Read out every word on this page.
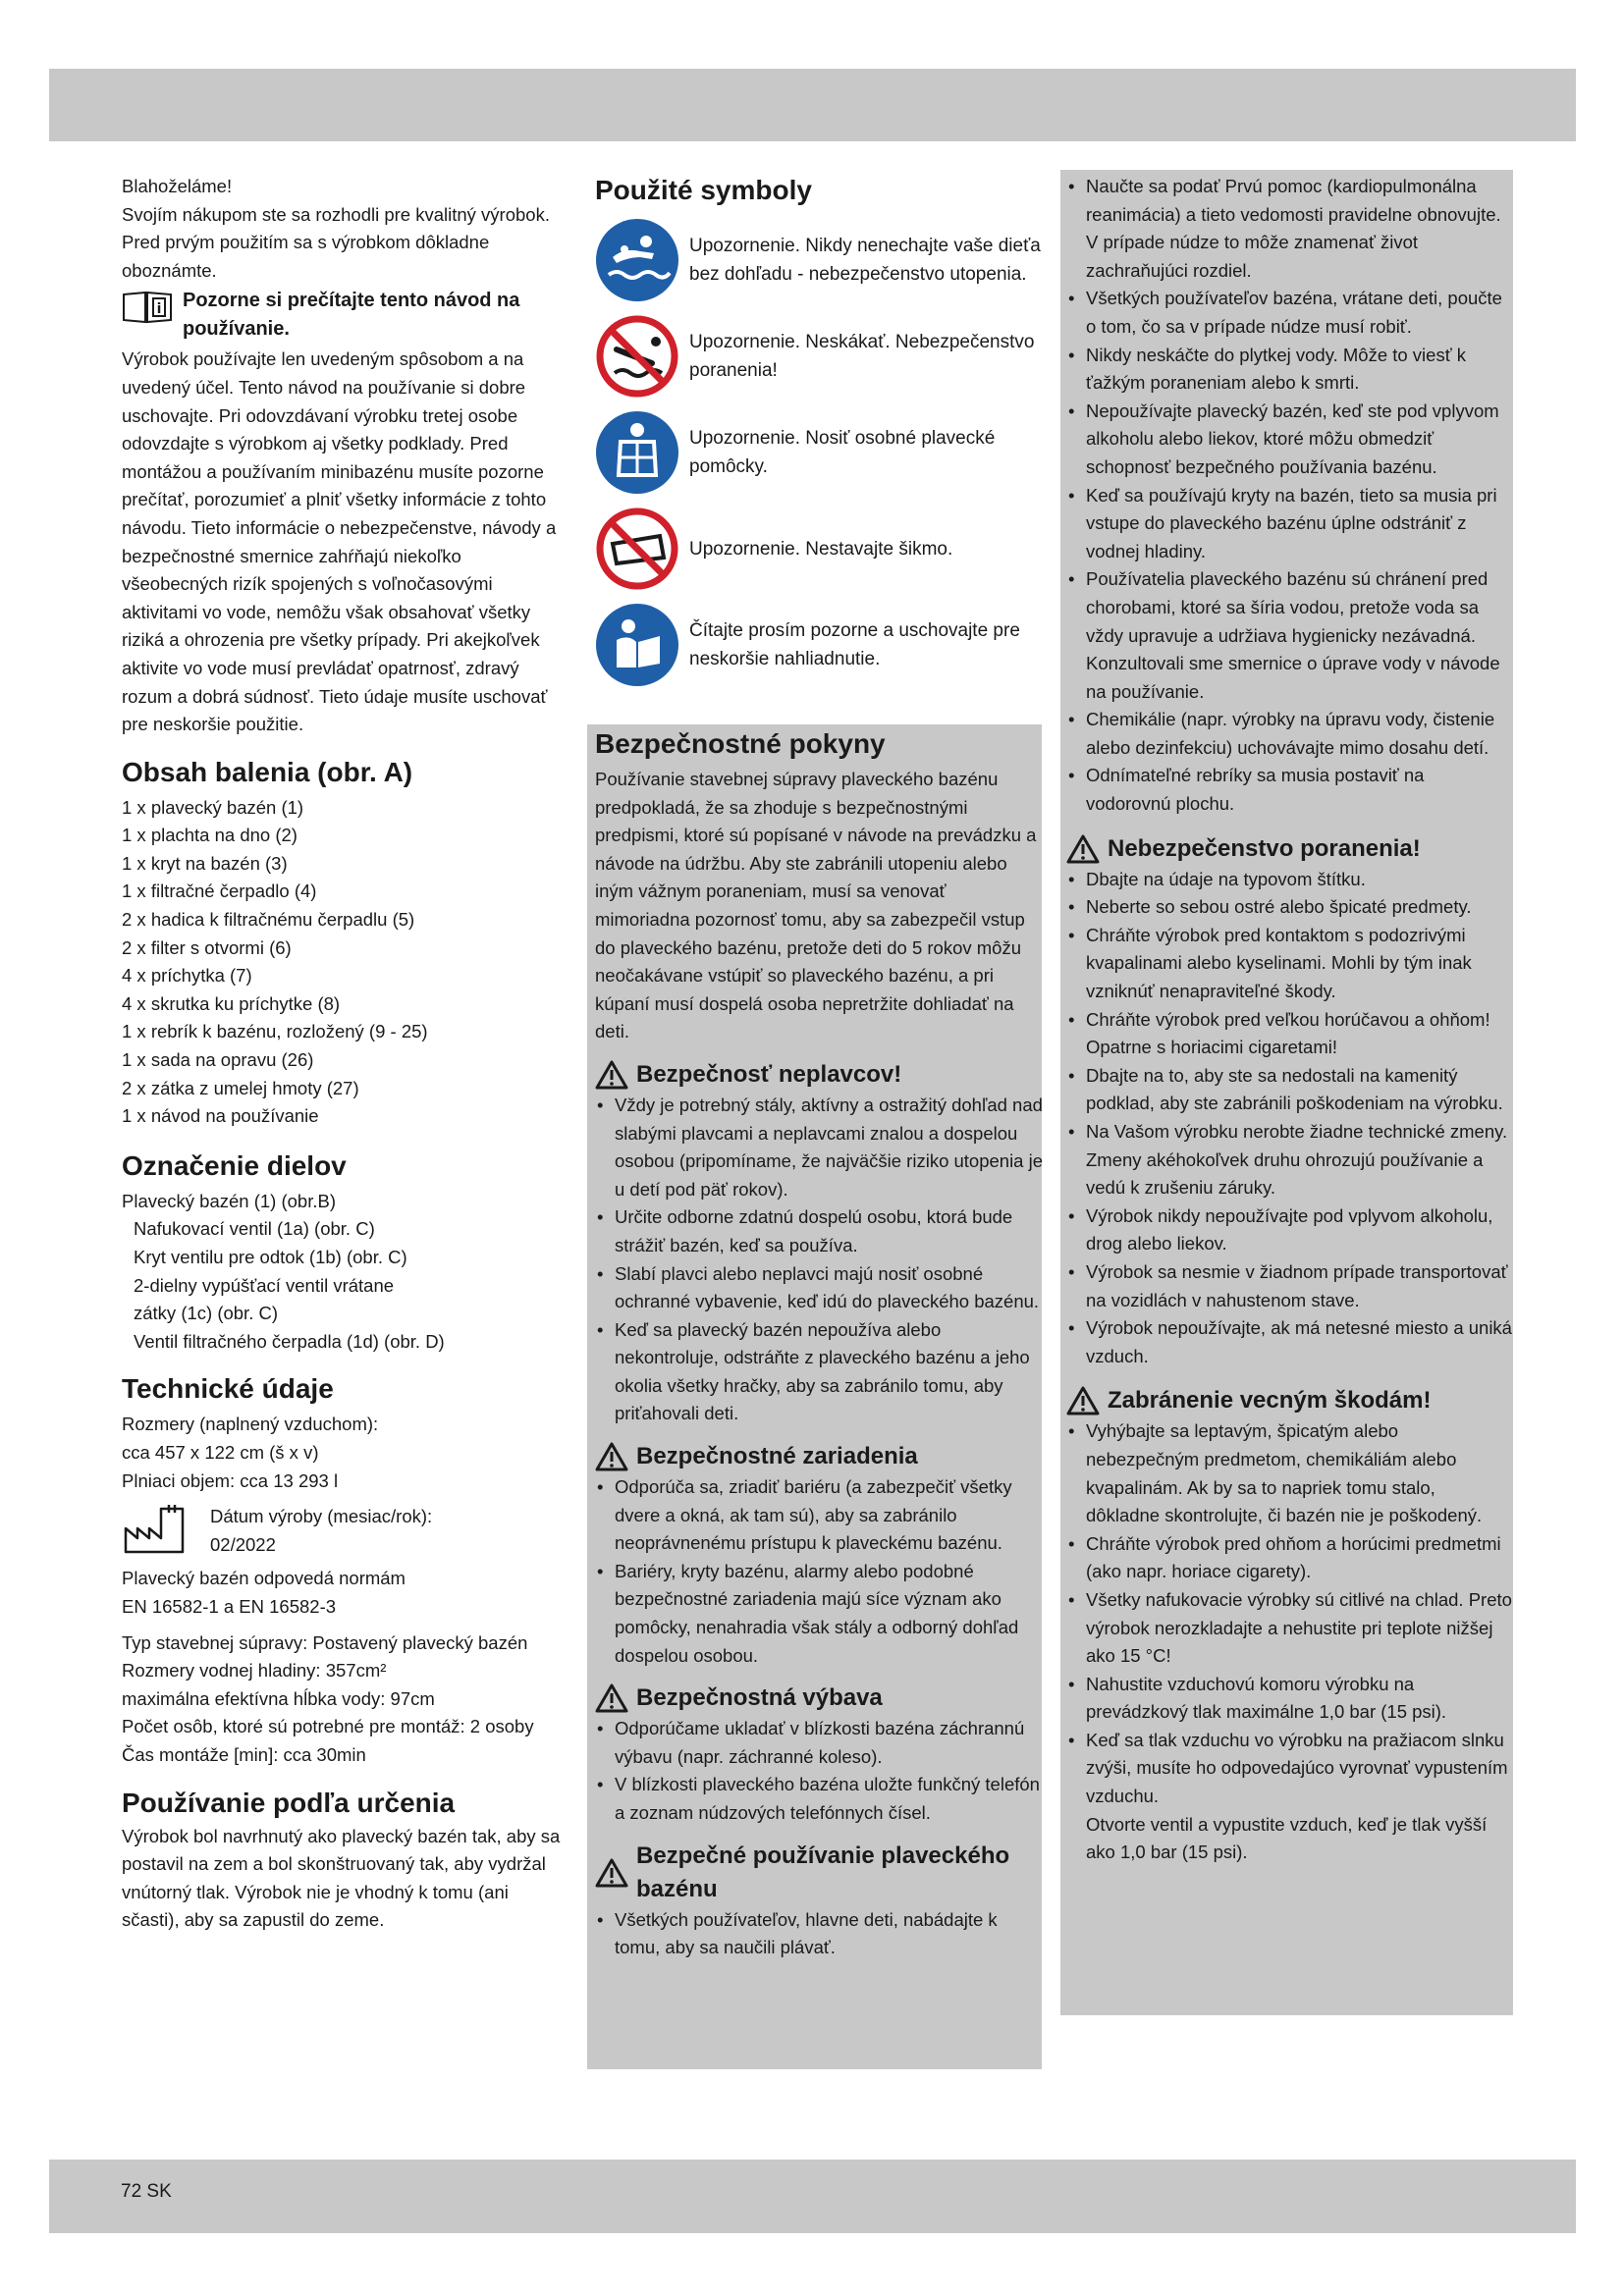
Blahoželáme!

Svojím nákupom ste sa rozhodli pre kvalitný výrobok. Pred prvým použitím sa s výrobkom dôkladne oboznámte.

i Pozorne si prečítajte tento návod na používanie.

Výrobok používajte len uvedeným spôsobom a na uvedený účel. Tento návod na používanie si dobre uschovajte. Pri odovzdávaní výrobku tretej osobe odovzdajte s výrobkom aj všetky podklady. Pred montážou a používaním minibazénu musíte pozorne prečítať, porozumieť a plniť všetky informácie z tohto návodu. Tieto informácie o nebezpečenstve, návody a bezpečnostné smernice zahŕňajú niekoľko všeobecných rizík spojených s voľnočasovými aktivitami vo vode, nemôžu však obsahovať všetky riziká a ohrozenia pre všetky prípady. Pri akejkoľvek aktivite vo vode musí prevládať opatrnosť, zdravý rozum a dobrá súdnosť. Tieto údaje musíte uschovať pre neskoršie použitie.

Obsah balenia (obr. A)
1 x plavecký bazén (1)
1 x plachta na dno (2)
1 x kryt na bazén (3)
1 x filtračné čerpadlo (4)
2 x hadica k filtračnému čerpadlu (5)
2 x filter s otvormi (6)
4 x príchytka (7)
4 x skrutka ku príchytke (8)
1 x rebrík k bazénu, rozložený (9 - 25)
1 x sada na opravu (26)
2 x zátka z umelej hmoty (27)
1 x návod na používanie
Označenie dielov
Plavecký bazén (1) (obr.B)
Nafukovací ventil (1a) (obr. C)
Kryt ventilu pre odtok (1b) (obr. C)
2-dielny vypúšťací ventil vrátane
zátky (1c) (obr. C)
Ventil filtračného čerpadla (1d) (obr. D)
Technické údaje
Rozmery (naplnený vzduchom):
cca 457 x 122 cm (š x v)
Plniaci objem: cca 13 293 l
Dátum výroby (mesiac/rok):
02/2022
Plavecký bazén odpovedá normám
EN 16582-1 a EN 16582-3
Typ stavebnej súpravy: Postavený plavecký bazén
Rozmery vodnej hladiny: 357cm²
maximálna efektívna hĺbka vody: 97cm
Počet osôb, ktoré sú potrebné pre montáž: 2 osoby
Čas montáže [min]: cca 30min
Používanie podľa určenia

Výrobok bol navrhnutý ako plavecký bazén tak, aby sa postavil na zem a bol skonštruovaný tak, aby vydržal vnútorný tlak. Výrobok nie je vhodný k tomu (ani sčasti), aby sa zapustil do zeme.

Použité symboly
Upozornenie. Nikdy nenechajte vaše dieťa bez dohľadu - nebezpečenstvo utopenia.
Upozornenie. Neskákať. Nebezpečenstvo poranenia!
Upozornenie. Nosiť osobné plavecké pomôcky.
Upozornenie. Nestavajte šikmo.
Čítajte prosím pozorne a uschovajte pre neskoršie nahliadnutie.
Bezpečnostné pokyny

Používanie stavebnej súpravy plaveckého bazénu predpokladá, že sa zhoduje s bezpečnostnými predpismi, ktoré sú popísané v návode na prevádzku a návode na údržbu. Aby ste zabránili utopeniu alebo iným vážnym poraneniam, musí sa venovať mimoriadna pozornosť tomu, aby sa zabezpečil vstup do plaveckého bazénu, pretože deti do 5 rokov môžu neočakávane vstúpiť so plaveckého bazénu, a pri kúpaní musí dospelá osoba nepretržite dohliadať na deti.

Bezpečnosť neplavcov!
• Vždy je potrebný stály, aktívny a ostražitý dohľad nad slabými plavcami a neplavcami znalou a dospelou osobou (pripomíname, že najväčšie riziko utopenia je u detí pod päť rokov).
• Určite odborne zdatnú dospelú osobu, ktorá bude strážiť bazén, keď sa používa.
• Slabí plavci alebo neplavci majú nosiť osobné ochranné vybavenie, keď idú do plaveckého bazénu.
• Keď sa plavecký bazén nepoužíva alebo nekontroluje, odstráňte z plaveckého bazénu a jeho okolia všetky hračky, aby sa zabránilo tomu, aby priťahovali deti.
Bezpečnostné zariadenia
• Odporúča sa, zriadiť bariéru (a zabezpečiť všetky dvere a okná, ak tam sú), aby sa zabránilo neoprávnenému prístupu k plaveckému bazénu.
• Bariéry, kryty bazénu, alarmy alebo podobné bezpečnostné zariadenia majú síce význam ako pomôcky, nenahradia však stály a odborný dohľad dospelou osobou.
Bezpečnostná výbava
• Odporúčame ukladať v blízkosti bazéna záchrannú výbavu (napr. záchranné koleso).
• V blízkosti plaveckého bazéna uložte funkčný telefón a zoznam núdzových telefónnych čísel.
Bezpečné používanie plaveckého bazénu
• Všetkých používateľov, hlavne deti, nabádajte k tomu, aby sa naučili plávať.
• Naučte sa podať Prvú pomoc (kardiopulmonálna reanimácia) a tieto vedomosti pravidelne obnovujte. V prípade núdze to môže znamenať život zachraňujúci rozdiel.
• Všetkých používateľov bazéna, vrátane deti, poučte o tom, čo sa v prípade núdze musí robiť.
• Nikdy neskáčte do plytkej vody. Môže to viesť k ťažkým poraneniam alebo k smrti.
• Nepoužívajte plavecký bazén, keď ste pod vplyvom alkoholu alebo liekov, ktoré môžu obmedziť schopnosť bezpečného používania bazénu.
• Keď sa používajú kryty na bazén, tieto sa musia pri vstupe do plaveckého bazénu úplne odstrániť z vodnej hladiny.
• Používatelia plaveckého bazénu sú chránení pred chorobami, ktoré sa šíria vodou, pretože voda sa vždy upravuje a udržiava hygienicky nezávadná. Konzultovali sme smernice o úprave vody v návode na používanie.
• Chemikálie (napr. výrobky na úpravu vody, čistenie alebo dezinfekciu) uchovávajte mimo dosahu detí.
• Odnímateľné rebríky sa musia postaviť na vodorovnú plochu.
Nebezpečenstvo poranenia!
• Dbajte na údaje na typovom štítku.
• Neberte so sebou ostré alebo špicaté predmety.
• Chráňte výrobok pred kontaktom s podozrivými kvapalinami alebo kyselinami. Mohli by tým inak vzniknúť nenapraviteľné škody.
• Chráňte výrobok pred veľkou horúčavou a ohňom! Opatrne s horiacimi cigaretami!
• Dbajte na to, aby ste sa nedostali na kamenitý podklad, aby ste zabránili poškodeniam na výrobku.
• Na Vašom výrobku nerobte žiadne technické zmeny. Zmeny akéhokoľvek druhu ohrozujú používanie a vedú k zrušeniu záruky.
• Výrobok nikdy nepoužívajte pod vplyvom alkoholu, drog alebo liekov.
• Výrobok sa nesmie v žiadnom prípade transportovať na vozidlách v nahustenom stave.
• Výrobok nepoužívajte, ak má netesné miesto a uniká vzduch.
Zabránenie vecným škodám!
• Vyhýbajte sa leptavým, špicatým alebo nebezpečným predmetom, chemikáliám alebo kvapalinám. Ak by sa to napriek tomu stalo, dôkladne skontrolujte, či bazén nie je poškodený.
• Chráňte výrobok pred ohňom a horúcimi predmetmi (ako napr. horiace cigarety).
• Všetky nafukovacie výrobky sú citlivé na chlad. Preto výrobok nerozkladajte a nehustite pri teplote nižšej ako 15 °C!
• Nahustite vzduchovú komoru výrobku na prevádzkový tlak maximálne 1,0 bar (15 psi).
• Keď sa tlak vzduchu vo výrobku na pražiacom slnku zvýši, musíte ho odpovedajúco vyrovnať vypustením vzduchu.

Otvorte ventil a vypustite vzduch, keď je tlak vyšší ako 1,0 bar (15 psi).

72 SK
